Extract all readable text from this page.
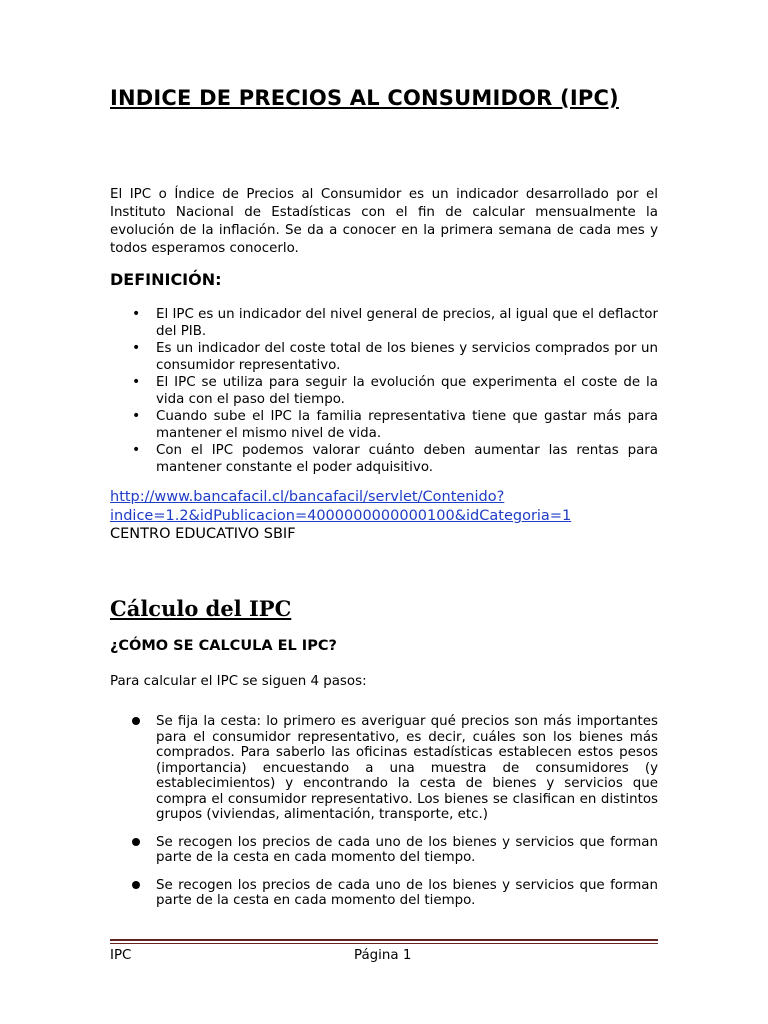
INDICE DE PRECIOS AL CONSUMIDOR (IPC)

El IPC o Índice de Precios al Consumidor es un indicador desarrollado por el Instituto Nacional de Estadísticas con el fin de calcular mensualmente la evolución de la inflación. Se da a conocer en la primera semana de cada mes y todos esperamos conocerlo.

DEFINICIÓN:
• El IPC es un indicador del nivel general de precios, al igual que el deflactor del PIB.
• Es un indicador del coste total de los bienes y servicios comprados por un consumidor representativo.
• El IPC se utiliza para seguir la evolución que experimenta el coste de la vida con el paso del tiempo.
• Cuando sube el IPC la familia representativa tiene que gastar más para mantener el mismo nivel de vida.
• Con el IPC podemos valorar cuánto deben aumentar las rentas para mantener constante el poder adquisitivo.
http://www.bancafacil.cl/bancafacil/servlet/Contenido?
indice=1.2&idPublicacion=4000000000000100&idCategoria=1

CENTRO EDUCATIVO SBIF

Cálculo del IPC
¿CÓMO SE CALCULA EL IPC?

Para calcular el IPC se siguen 4 pasos:

Se fija la cesta: lo primero es averiguar qué precios son más importantes para el consumidor representativo, es decir, cuáles son los bienes más comprados. Para saberlo las oficinas estadísticas establecen estos pesos (importancia) encuestando a una muestra de consumidores (y establecimientos) y encontrando la cesta de bienes y servicios que compra el consumidor representativo. Los bienes se clasifican en distintos grupos (viviendas, alimentación, transporte, etc.)
Se recogen los precios de cada uno de los bienes y servicios que forman parte de la cesta en cada momento del tiempo.
Se recogen los precios de cada uno de los bienes y servicios que forman parte de la cesta en cada momento del tiempo.

IPC	Página 1
